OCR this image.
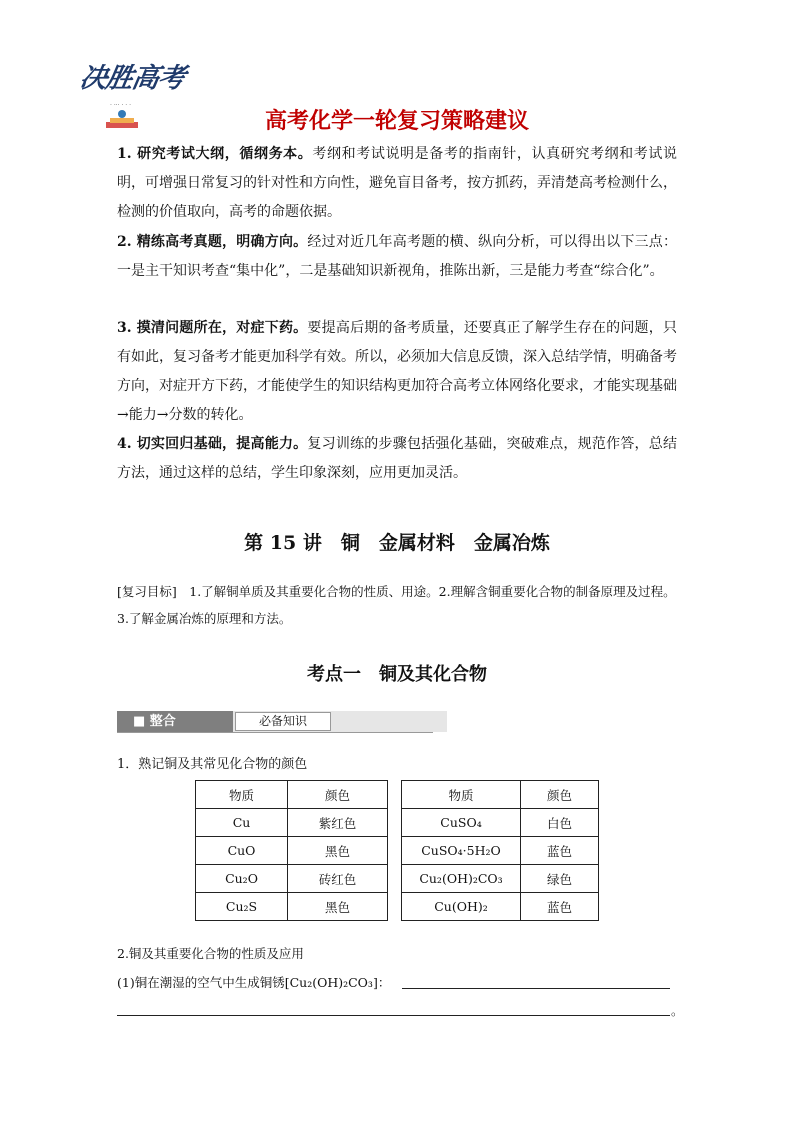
决胜高考
‧ ·‧· ‧ ‧ ‧
高考化学一轮复习策略建议
1. 研究考试大纲，循纲务本。考纲和考试说明是备考的指南针，认真研究考纲和考试说明，可增强日常复习的针对性和方向性，避免盲目备考，按方抓药，弄清楚高考检测什么，检测的价值取向，高考的命题依据。
2. 精练高考真题，明确方向。经过对近几年高考题的横、纵向分析，可以得出以下三点：一是主干知识考查“集中化”，二是基础知识新视角，推陈出新，三是能力考查“综合化”。
3. 摸清问题所在，对症下药。要提高后期的备考质量，还要真正了解学生存在的问题，只有如此，复习备考才能更加科学有效。所以，必须加大信息反馈，深入总结学情，明确备考方向，对症开方下药，才能使学生的知识结构更加符合高考立体网络化要求，才能实现基础→能力→分数的转化。
4. 切实回归基础，提高能力。复习训练的步骤包括强化基础，突破难点，规范作答，总结方法，通过这样的总结，学生印象深刻，应用更加灵活。
第 15 讲　铜　金属材料　金属冶炼
[复习目标]　1.了解铜单质及其重要化合物的性质、用途。2.理解含铜重要化合物的制备原理及过程。3.了解金属冶炼的原理和方法。
考点一　铜及其化合物
■ 整合	必备知识
1．熟记铜及其常见化合物的颜色
物质	颜色
Cu	紫红色
CuO	黑色
Cu₂O	砖红色
Cu₂S	黑色
物质	颜色
CuSO₄	白色
CuSO₄·5H₂O	蓝色
Cu₂(OH)₂CO₃	绿色
Cu(OH)₂	蓝色
2.铜及其重要化合物的性质及应用
(1)铜在潮湿的空气中生成铜锈[Cu₂(OH)₂CO₃]：
。
